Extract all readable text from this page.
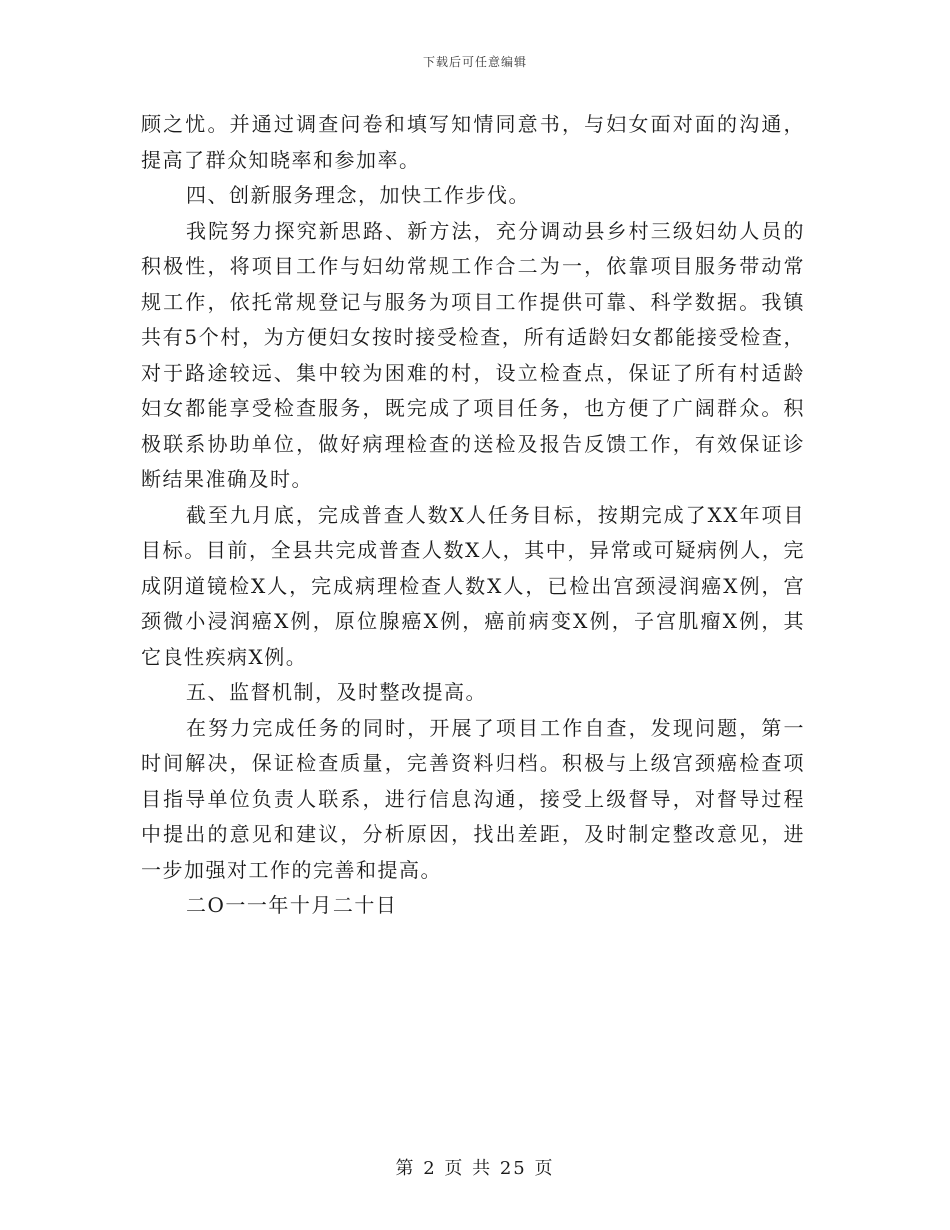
下载后可任意编辑

顾之忧。并通过调查问卷和填写知情同意书，与妇女面对面的沟通，提高了群众知晓率和参加率。

四、创新服务理念，加快工作步伐。

我院努力探究新思路、新方法，充分调动县乡村三级妇幼人员的积极性，将项目工作与妇幼常规工作合二为一，依靠项目服务带动常规工作，依托常规登记与服务为项目工作提供可靠、科学数据。我镇共有5个村，为方便妇女按时接受检查，所有适龄妇女都能接受检查，对于路途较远、集中较为困难的村，设立检查点，保证了所有村适龄妇女都能享受检查服务，既完成了项目任务，也方便了广阔群众。积极联系协助单位，做好病理检查的送检及报告反馈工作，有效保证诊断结果准确及时。

截至九月底，完成普查人数X人任务目标，按期完成了XX年项目目标。目前，全县共完成普查人数X人，其中，异常或可疑病例人，完成阴道镜检X人，完成病理检查人数X人，已检出宫颈浸润癌X例，宫颈微小浸润癌X例，原位腺癌X例，癌前病变X例，子宫肌瘤X例，其它良性疾病X例。

五、监督机制，及时整改提高。

在努力完成任务的同时，开展了项目工作自查，发现问题，第一时间解决，保证检查质量，完善资料归档。积极与上级宫颈癌检查项目指导单位负责人联系，进行信息沟通，接受上级督导，对督导过程中提出的意见和建议，分析原因，找出差距，及时制定整改意见，进一步加强对工作的完善和提高。

二O一一年十月二十日

第 2 页 共 25 页
